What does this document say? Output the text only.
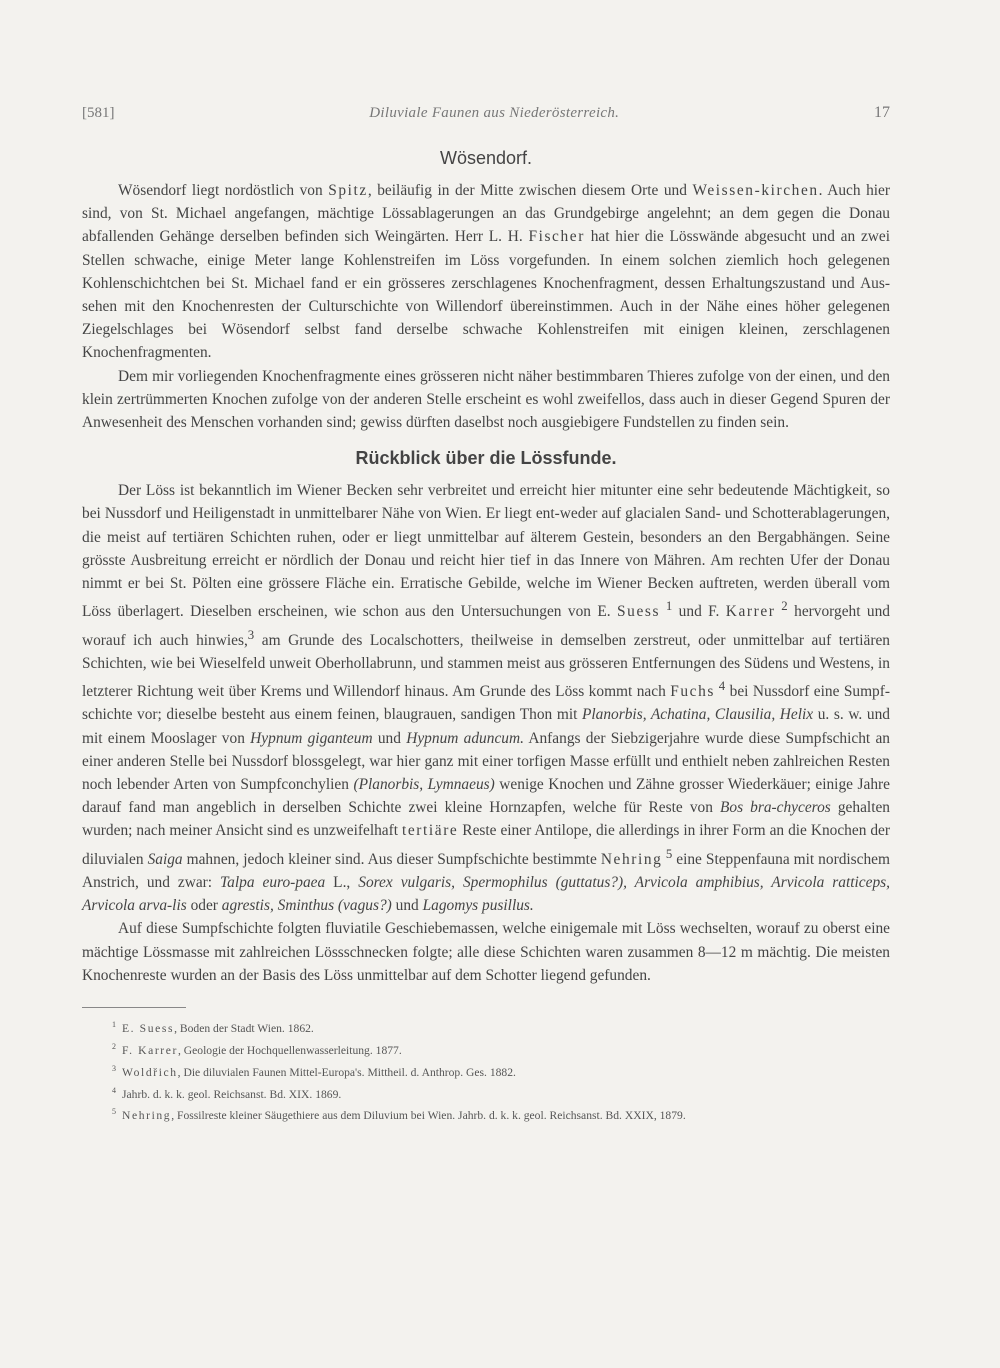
[581]	Diluviale Faunen aus Niederösterreich.	17
Wösendorf.

Wösendorf liegt nordöstlich von Spitz, beiläufig in der Mitte zwischen diesem Orte und Weissen-kirchen. Auch hier sind, von St. Michael angefangen, mächtige Lössablagerungen an das Grundgebirge angelehnt; an dem gegen die Donau abfallenden Gehänge derselben befinden sich Weingärten. Herr L. H. Fischer hat hier die Lösswände abgesucht und an zwei Stellen schwache, einige Meter lange Kohlenstreifen im Löss vorgefunden. In einem solchen ziemlich hoch gelegenen Kohlenschichtchen bei St. Michael fand er ein grösseres zerschlagenes Knochenfragment, dessen Erhaltungszustand und Aus-sehen mit den Knochenresten der Culturschichte von Willendorf übereinstimmen. Auch in der Nähe eines höher gelegenen Ziegelschlages bei Wösendorf selbst fand derselbe schwache Kohlenstreifen mit einigen kleinen, zerschlagenen Knochenfragmenten.

Dem mir vorliegenden Knochenfragmente eines grösseren nicht näher bestimmbaren Thieres zufolge von der einen, und den klein zertrümmerten Knochen zufolge von der anderen Stelle erscheint es wohl zweifellos, dass auch in dieser Gegend Spuren der Anwesenheit des Menschen vorhanden sind; gewiss dürften daselbst noch ausgiebigere Fundstellen zu finden sein.

Rückblick über die Lössfunde.

Der Löss ist bekanntlich im Wiener Becken sehr verbreitet und erreicht hier mitunter eine sehr bedeutende Mächtigkeit, so bei Nussdorf und Heiligenstadt in unmittelbarer Nähe von Wien. Er liegt ent-weder auf glacialen Sand- und Schotterablagerungen, die meist auf tertiären Schichten ruhen, oder er liegt unmittelbar auf älterem Gestein, besonders an den Bergabhängen. Seine grösste Ausbreitung erreicht er nördlich der Donau und reicht hier tief in das Innere von Mähren. Am rechten Ufer der Donau nimmt er bei St. Pölten eine grössere Fläche ein. Erratische Gebilde, welche im Wiener Becken auftreten, werden überall vom Löss überlagert. Dieselben erscheinen, wie schon aus den Untersuchungen von E. Suess $^1$ und F. Karrer $^2$ hervorgeht und worauf ich auch hinwies,$^3$ am Grunde des Localschotters, theilweise in demselben zerstreut, oder unmittelbar auf tertiären Schichten, wie bei Wieselfeld unweit Oberhollabrunn, und stammen meist aus grösseren Entfernungen des Südens und Westens, in letzterer Richtung weit über Krems und Willendorf hinaus. Am Grunde des Löss kommt nach Fuchs $^4$ bei Nussdorf eine Sumpf-schichte vor; dieselbe besteht aus einem feinen, blaugrauen, sandigen Thon mit Planorbis, Achatina, Clausilia, Helix u. s. w. und mit einem Mooslager von Hypnum giganteum und Hypnum aduncum. Anfangs der Siebzigerjahre wurde diese Sumpfschicht an einer anderen Stelle bei Nussdorf blossgelegt, war hier ganz mit einer torfigen Masse erfüllt und enthielt neben zahlreichen Resten noch lebender Arten von Sumpfconchylien (Planorbis, Lymnaeus) wenige Knochen und Zähne grosser Wiederkäuer; einige Jahre darauf fand man angeblich in derselben Schichte zwei kleine Hornzapfen, welche für Reste von Bos bra-chyceros gehalten wurden; nach meiner Ansicht sind es unzweifelhaft tertiäre Reste einer Antilope, die allerdings in ihrer Form an die Knochen der diluvialen Saiga mahnen, jedoch kleiner sind. Aus dieser Sumpfschichte bestimmte Nehring $^5$ eine Steppenfauna mit nordischem Anstrich, und zwar: Talpa euro-paea L., Sorex vulgaris, Spermophilus (guttatus?), Arvicola amphibius, Arvicola ratticeps, Arvicola arva-lis oder agrestis, Sminthus (vagus?) und Lagomys pusillus.

Auf diese Sumpfschichte folgten fluviatile Geschiebemassen, welche einigemale mit Löss wechselten, worauf zu oberst eine mächtige Lössmasse mit zahlreichen Lössschnecken folgte; alle diese Schichten waren zusammen 8—12 m mächtig. Die meisten Knochenreste wurden an der Basis des Löss unmittelbar auf dem Schotter liegend gefunden.

$^1$ E. Suess, Boden der Stadt Wien. 1862.
$^2$ F. Karrer, Geologie der Hochquellenwasserleitung. 1877.
$^3$ Woldřich, Die diluvialen Faunen Mittel-Europa's. Mittheil. d. Anthrop. Ges. 1882.
$^4$ Jahrb. d. k. k. geol. Reichsanst. Bd. XIX. 1869.
$^5$ Nehring, Fossilreste kleiner Säugethiere aus dem Diluvium bei Wien. Jahrb. d. k. k. geol. Reichsanst. Bd. XXIX, 1879.
